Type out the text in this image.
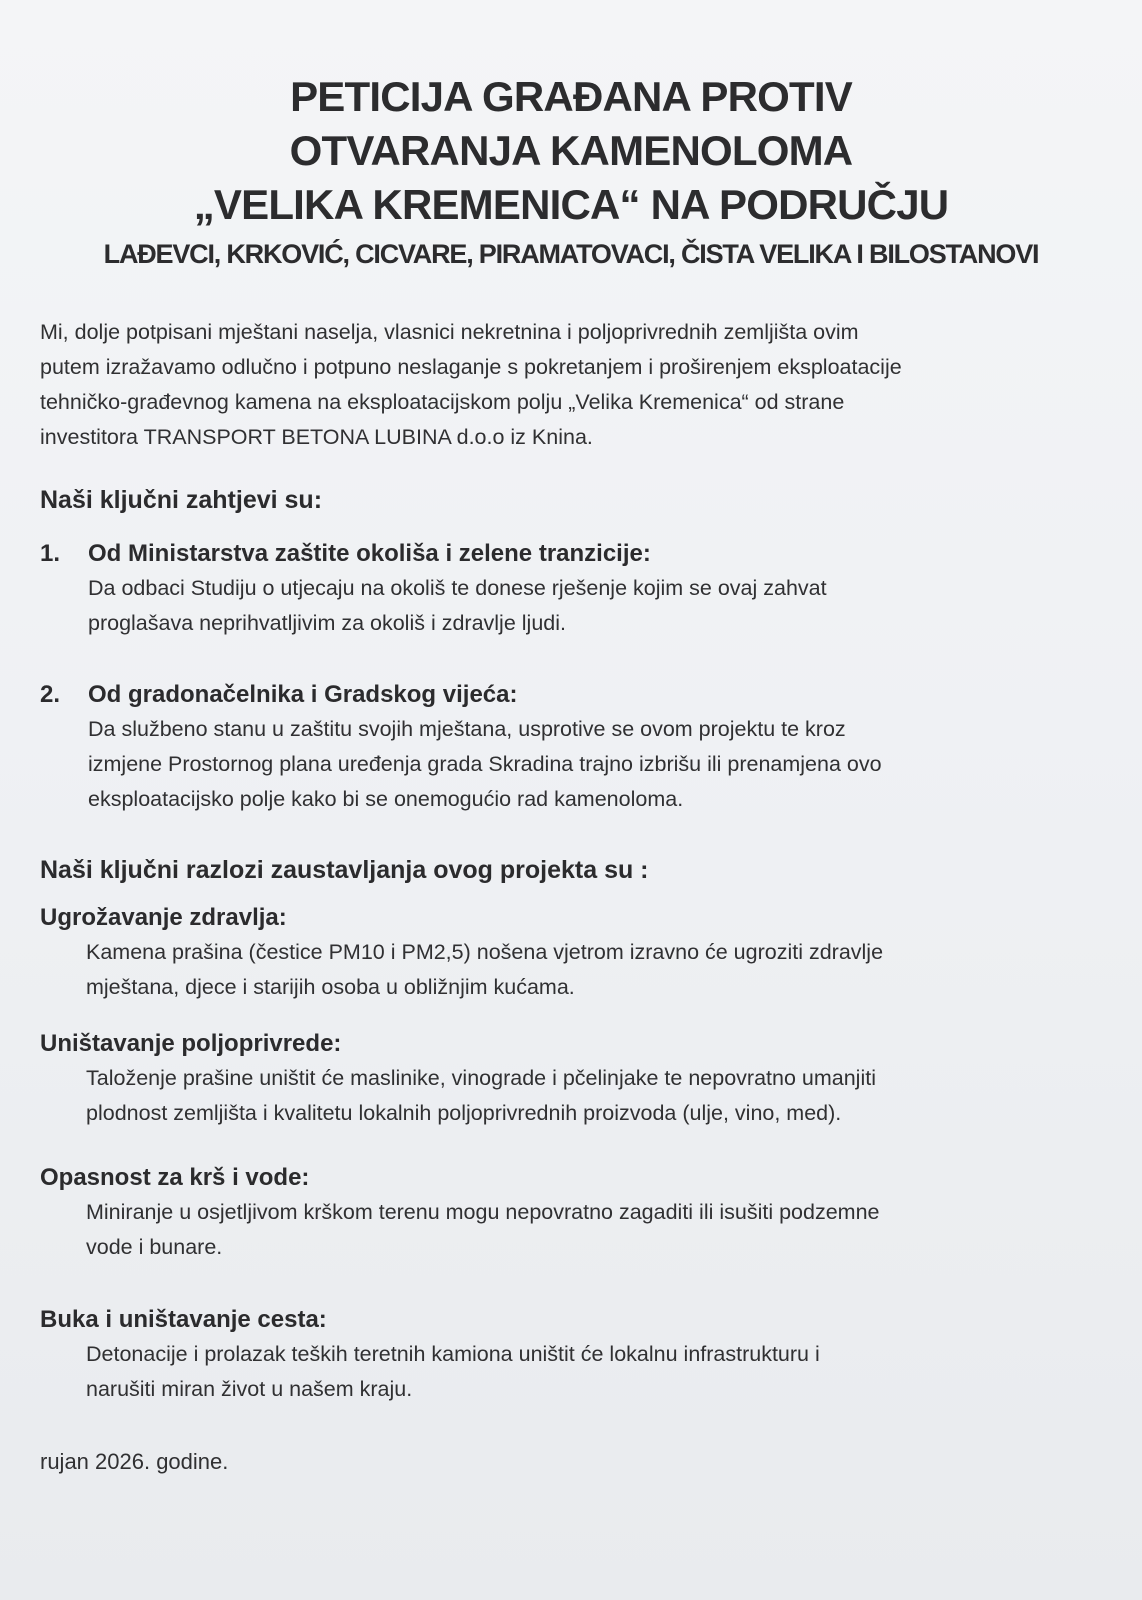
PETICIJA GRAĐANA PROTIV
OTVARANJA KAMENOLOMA
„VELIKA KREMENICA“ NA PODRUČJU
LAĐEVCI, KRKOVIĆ, CICVARE, PIRAMATOVACI, ČISTA VELIKA I BILOSTANOVI

Mi, dolje potpisani mještani naselja, vlasnici nekretnina i poljoprivrednih zemljišta ovim
putem izražavamo odlučno i potpuno neslaganje s pokretanjem i proširenjem eksploatacije
tehničko-građevnog kamena na eksploatacijskom polju „Velika Kremenica“ od strane
investitora TRANSPORT BETONA LUBINA d.o.o iz Knina.

Naši ključni zahtjevi su:
1. Od Ministarstva zaštite okoliša i zelene tranzicije:
Da odbaci Studiju o utjecaju na okoliš te donese rješenje kojim se ovaj zahvat
proglašava neprihvatljivim za okoliš i zdravlje ljudi.
2. Od gradonačelnika i Gradskog vijeća:
Da službeno stanu u zaštitu svojih mještana, usprotive se ovom projektu te kroz
izmjene Prostornog plana uređenja grada Skradina trajno izbrišu ili prenamjena ovo
eksploatacijsko polje kako bi se onemogućio rad kamenoloma.
Naši ključni razlozi zaustavljanja ovog projekta su :
Ugrožavanje zdravlja:
Kamena prašina (čestice PM10 i PM2,5) nošena vjetrom izravno će ugroziti zdravlje
mještana, djece i starijih osoba u obližnjim kućama.
Uništavanje poljoprivrede:
Taloženje prašine uništit će maslinike, vinograde i pčelinjake te nepovratno umanjiti
plodnost zemljišta i kvalitetu lokalnih poljoprivrednih proizvoda (ulje, vino, med).
Opasnost za krš i vode:
Miniranje u osjetljivom krškom terenu mogu nepovratno zagaditi ili isušiti podzemne
vode i bunare.
Buka i uništavanje cesta:
Detonacije i prolazak teških teretnih kamiona uništit će lokalnu infrastrukturu i
narušiti miran život u našem kraju.
rujan 2026. godine.
